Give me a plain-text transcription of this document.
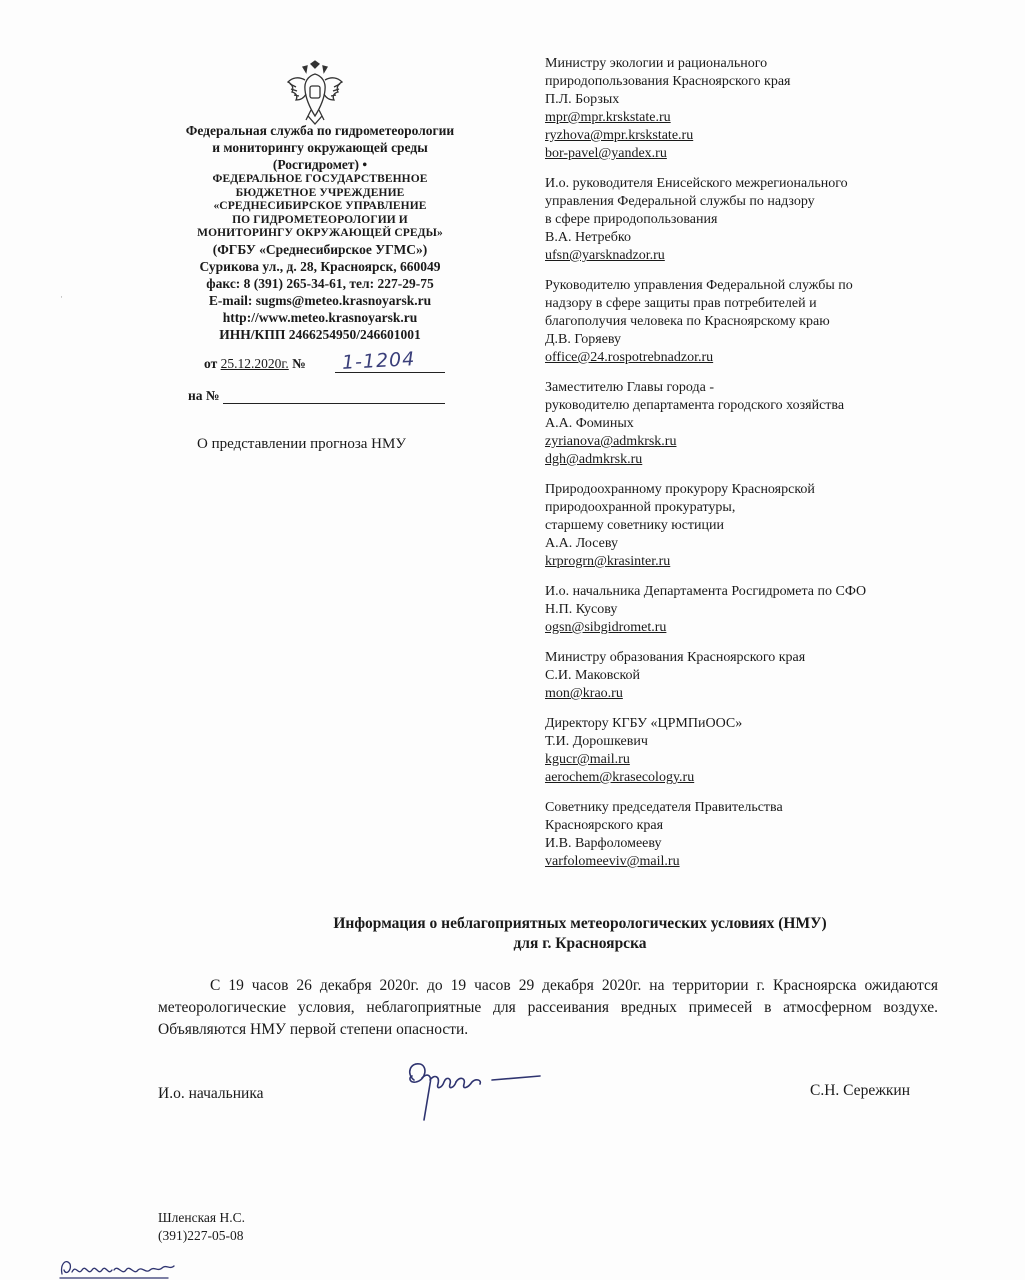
Федеральная служба по гидрометеорологии
и мониторингу окружающей среды
(Росгидромет) •
ФЕДЕРАЛЬНОЕ ГОСУДАРСТВЕННОЕ
БЮДЖЕТНОЕ УЧРЕЖДЕНИЕ
«СРЕДНЕСИБИРСКОЕ УПРАВЛЕНИЕ
ПО ГИДРОМЕТЕОРОЛОГИИ И
МОНИТОРИНГУ ОКРУЖАЮЩЕЙ СРЕДЫ»
(ФГБУ «Среднесибирское УГМС»)
Сурикова ул., д. 28, Красноярск, 660049
факс: 8 (391) 265-34-61, тел: 227-29-75
E-mail: sugms@meteo.krasnoyarsk.ru
http://www.meteo.krasnoyarsk.ru
ИНН/КПП 2466254950/246601001
от 25.12.2020г. № 1-1204
на №
О представлении прогноза НМУ
·
Министру экологии и рационального
природопользования Красноярского края
П.Л. Борзых
mpr@mpr.krskstate.ru
ryzhova@mpr.krskstate.ru
bor-pavel@yandex.ru
И.о. руководителя Енисейского межрегионального
управления Федеральной службы по надзору
в сфере природопользования
В.А. Нетребко
ufsn@yarsknadzor.ru
Руководителю управления Федеральной службы по
надзору в сфере защиты прав потребителей и
благополучия человека по Красноярскому краю
Д.В. Горяеву
office@24.rospotrebnadzor.ru
Заместителю Главы города -
руководителю департамента городского хозяйства
А.А. Фоминых
zyrianova@admkrsk.ru
dgh@admkrsk.ru
Природоохранному прокурору Красноярской
природоохранной прокуратуры,
старшему советнику юстиции
А.А. Лосеву
krprogrn@krasinter.ru
И.о. начальника Департамента Росгидромета по СФО
Н.П. Кусову
ogsn@sibgidromet.ru
Министру образования Красноярского края
С.И. Маковской
mon@krao.ru
Директору КГБУ «ЦРМПиООС»
Т.И. Дорошкевич
kgucr@mail.ru
aerochem@krasecology.ru
Советнику председателя Правительства
Красноярского края
И.В. Варфоломееву
varfolomeeviv@mail.ru
Информация о неблагоприятных метеорологических условиях (НМУ)
для г. Красноярска
С 19 часов 26 декабря 2020г. до 19 часов 29 декабря 2020г. на территории г. Красноярска ожидаются метеорологические условия, неблагоприятные для рассеивания вредных примесей в атмосферном воздухе. Объявляются НМУ первой степени опасности.
И.о. начальника	С.Н. Сережкин
Шленская Н.С.
(391)227-05-08
